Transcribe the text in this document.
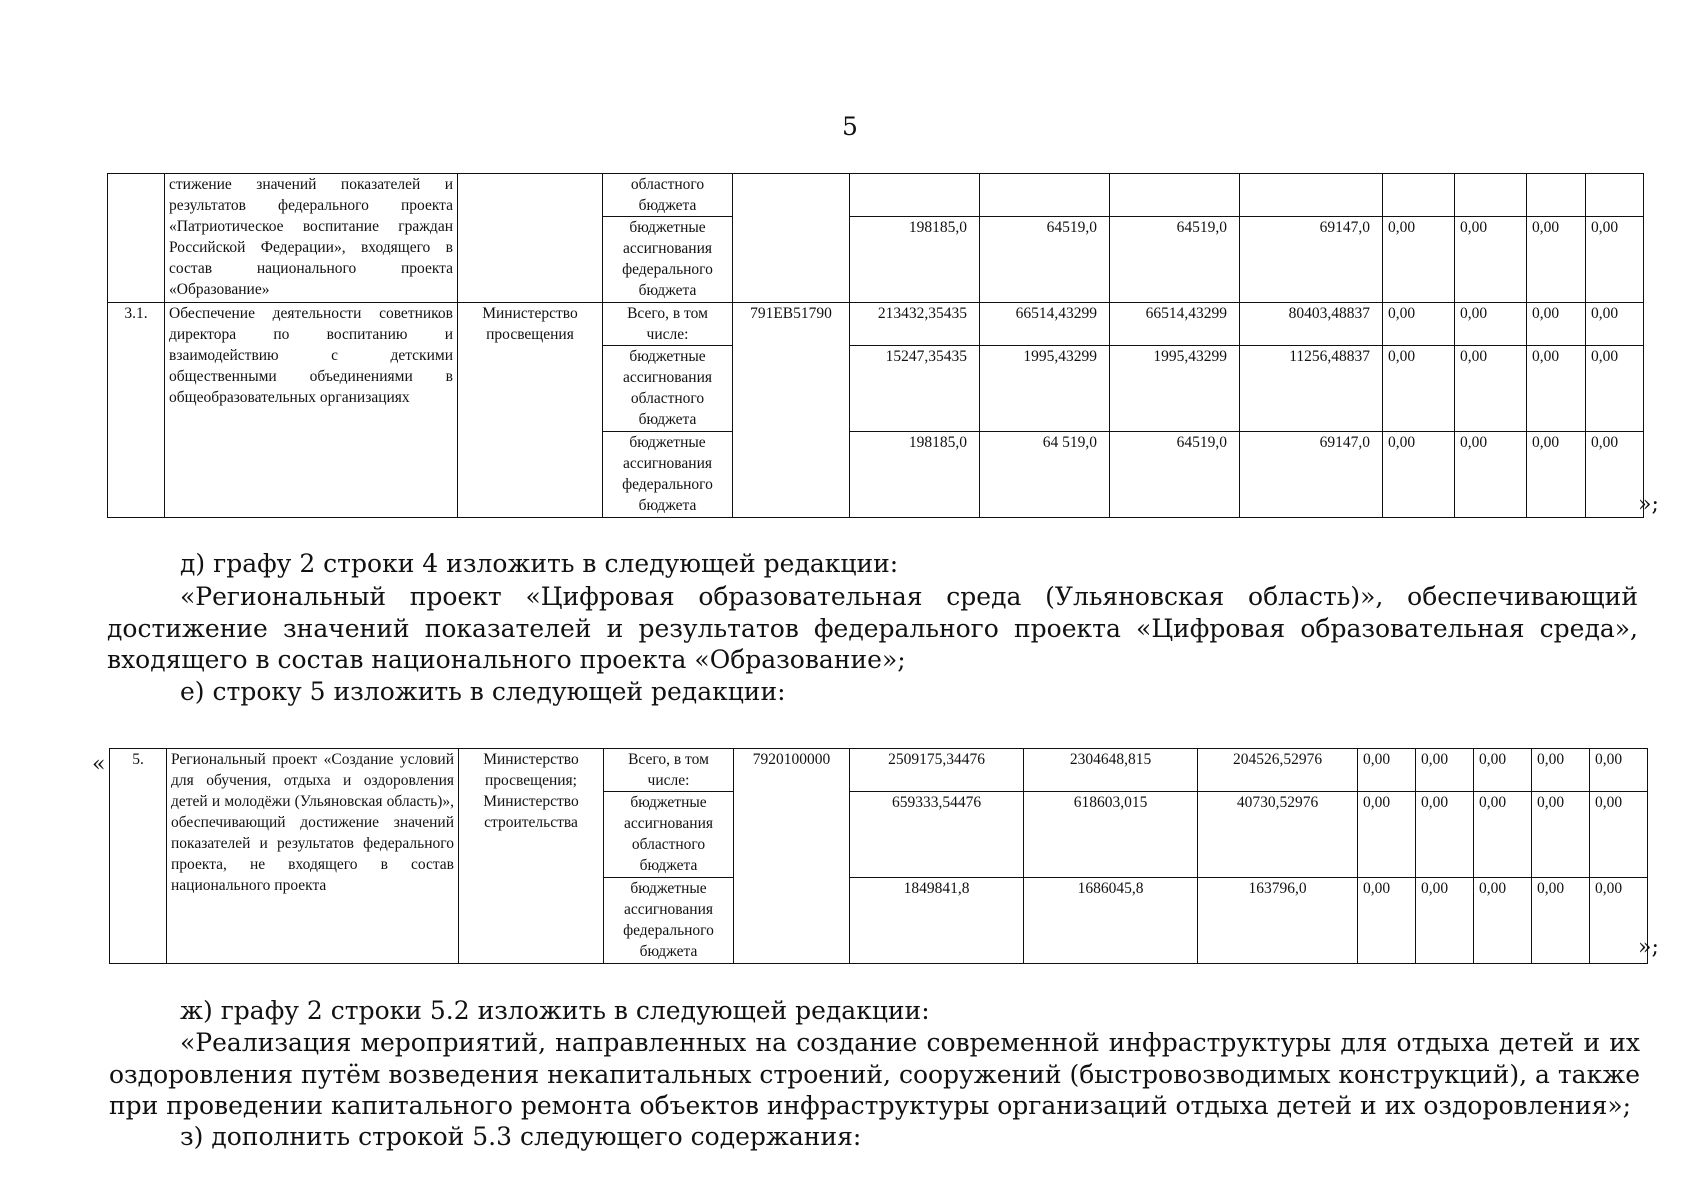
5
	стижение значений показателей и результатов федерального проекта «Патриотическое воспитание граждан Российской Федерации», входящего в состав национального проекта «Образование»		областного бюджета									
			бюджетные ассигнования федерального бюджета		198185,0	64519,0	64519,0	69147,0	0,00	0,00	0,00	0,00
3.1.	Обеспечение деятельности советников директора по воспитанию и взаимодействию с детскими общественными объединениями в общеобразовательных организациях	Министерство просвещения	Всего, в том числе:	791EB51790	213432,35435	66514,43299	66514,43299	80403,48837	0,00	0,00	0,00	0,00
			бюджетные ассигнования областного бюджета		15247,35435	1995,43299	1995,43299	11256,48837	0,00	0,00	0,00	0,00
			бюджетные ассигнования федерального бюджета		198185,0	64 519,0	64519,0	69147,0	0,00	0,00	0,00	0,00
»;

д) графу 2 строки 4 изложить в следующей редакции:

«Региональный проект «Цифровая образовательная среда (Ульяновская область)», обеспечивающий достижение значений показателей и результатов федерального проекта «Цифровая образовательная среда», входящего в состав национального проекта «Образование»;

е) строку 5 изложить в следующей редакции:

« 5.	Региональный проект «Создание условий для обучения, отдыха и оздоровления детей и молодёжи (Ульяновская область)», обеспечивающий достижение значений показателей и результатов федерального проекта, не входящего в состав национального проекта	Министерство просвещения; Министерство строительства	Всего, в том числе:	7920100000	2509175,34476	2304648,815	204526,52976	0,00	0,00	0,00	0,00	0,00
			бюджетные ассигнования областного бюджета		659333,54476	618603,015	40730,52976	0,00	0,00	0,00	0,00	0,00
			бюджетные ассигнования федерального бюджета		1849841,8	1686045,8	163796,0	0,00	0,00	0,00	0,00	0,00
»;

ж) графу 2 строки 5.2 изложить в следующей редакции:

«Реализация мероприятий, направленных на создание современной инфраструктуры для отдыха детей и их оздоровления путём возведения некапитальных строений, сооружений (быстровозводимых конструкций), а также при проведении капитального ремонта объектов инфраструктуры организаций отдыха детей и их оздоровления»;

з) дополнить строкой 5.3 следующего содержания:
